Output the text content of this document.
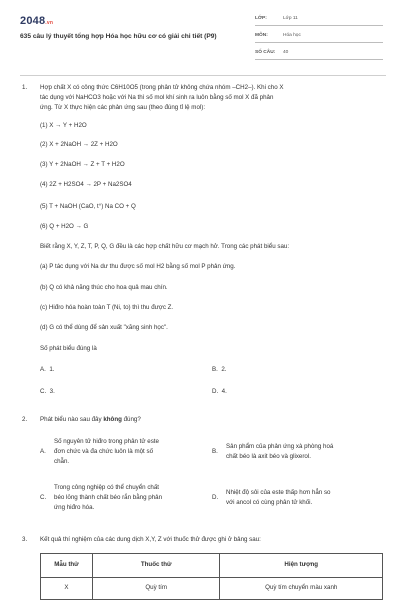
2048.vn
635 câu lý thuyết tổng hợp Hóa học hữu cơ có giải chi tiết (P9)
LỚP:	Lớp 11
MÔN:	Hóa học
SỐ CÂU:	40
1. Hợp chất X có công thức C6H10O5 (trong phân tử không chứa nhóm –CH2–). Khi cho X
tác dụng với NaHCO3 hoặc với Na thì số mol khí sinh ra luôn bằng số mol X đã phản
ứng. Từ X thực hiện các phản ứng sau (theo đúng tỉ lệ mol):
(1) X → Y + H2O
(2) X + 2NaOH → 2Z + H2O
(3) Y + 2NaOH → Z + T + H2O
(4) 2Z + H2SO4 → 2P + Na2SO4
(5) T + NaOH (CaO, t°) Na CO + Q
(6) Q + H2O → G
Biết rằng X, Y, Z, T, P, Q, G đều là các hợp chất hữu cơ mạch hở. Trong các phát biểu sau:
(a) P tác dụng với Na dư thu được số mol H2 bằng số mol P phản ứng.
(b) Q có khả năng thúc cho hoa quả mau chín.
(c) Hiđro hóa hoàn toàn T (Ni, to) thì thu được Z.
(d) G có thể dùng để sản xuất "xăng sinh học".
Số phát biểu đúng là
A. 1.	B. 2.
C. 3.	D. 4.
2. Phát biểu nào sau đây không đúng?
A.
Số nguyên tử hiđro trong phân tử este
đơn chức và đa chức luôn là một số
chẵn.
B.
Sản phẩm của phản ứng xà phòng hoá
chất béo là axit béo và glixerol.
C.
Trong công nghiệp có thể chuyển chất
béo lỏng thành chất béo rắn bằng phản
ứng hiđro hóa.
D.
Nhiệt độ sôi của este thấp hơn hẳn so
với ancol có cùng phân tử khối.
3. Kết quả thí nghiệm của các dung dịch X,Y, Z với thuốc thử được ghi ở bảng sau:
Mẫu thử	Thuốc thử	Hiện tượng
X	Quỳ tím	Quỳ tím chuyển màu xanh
